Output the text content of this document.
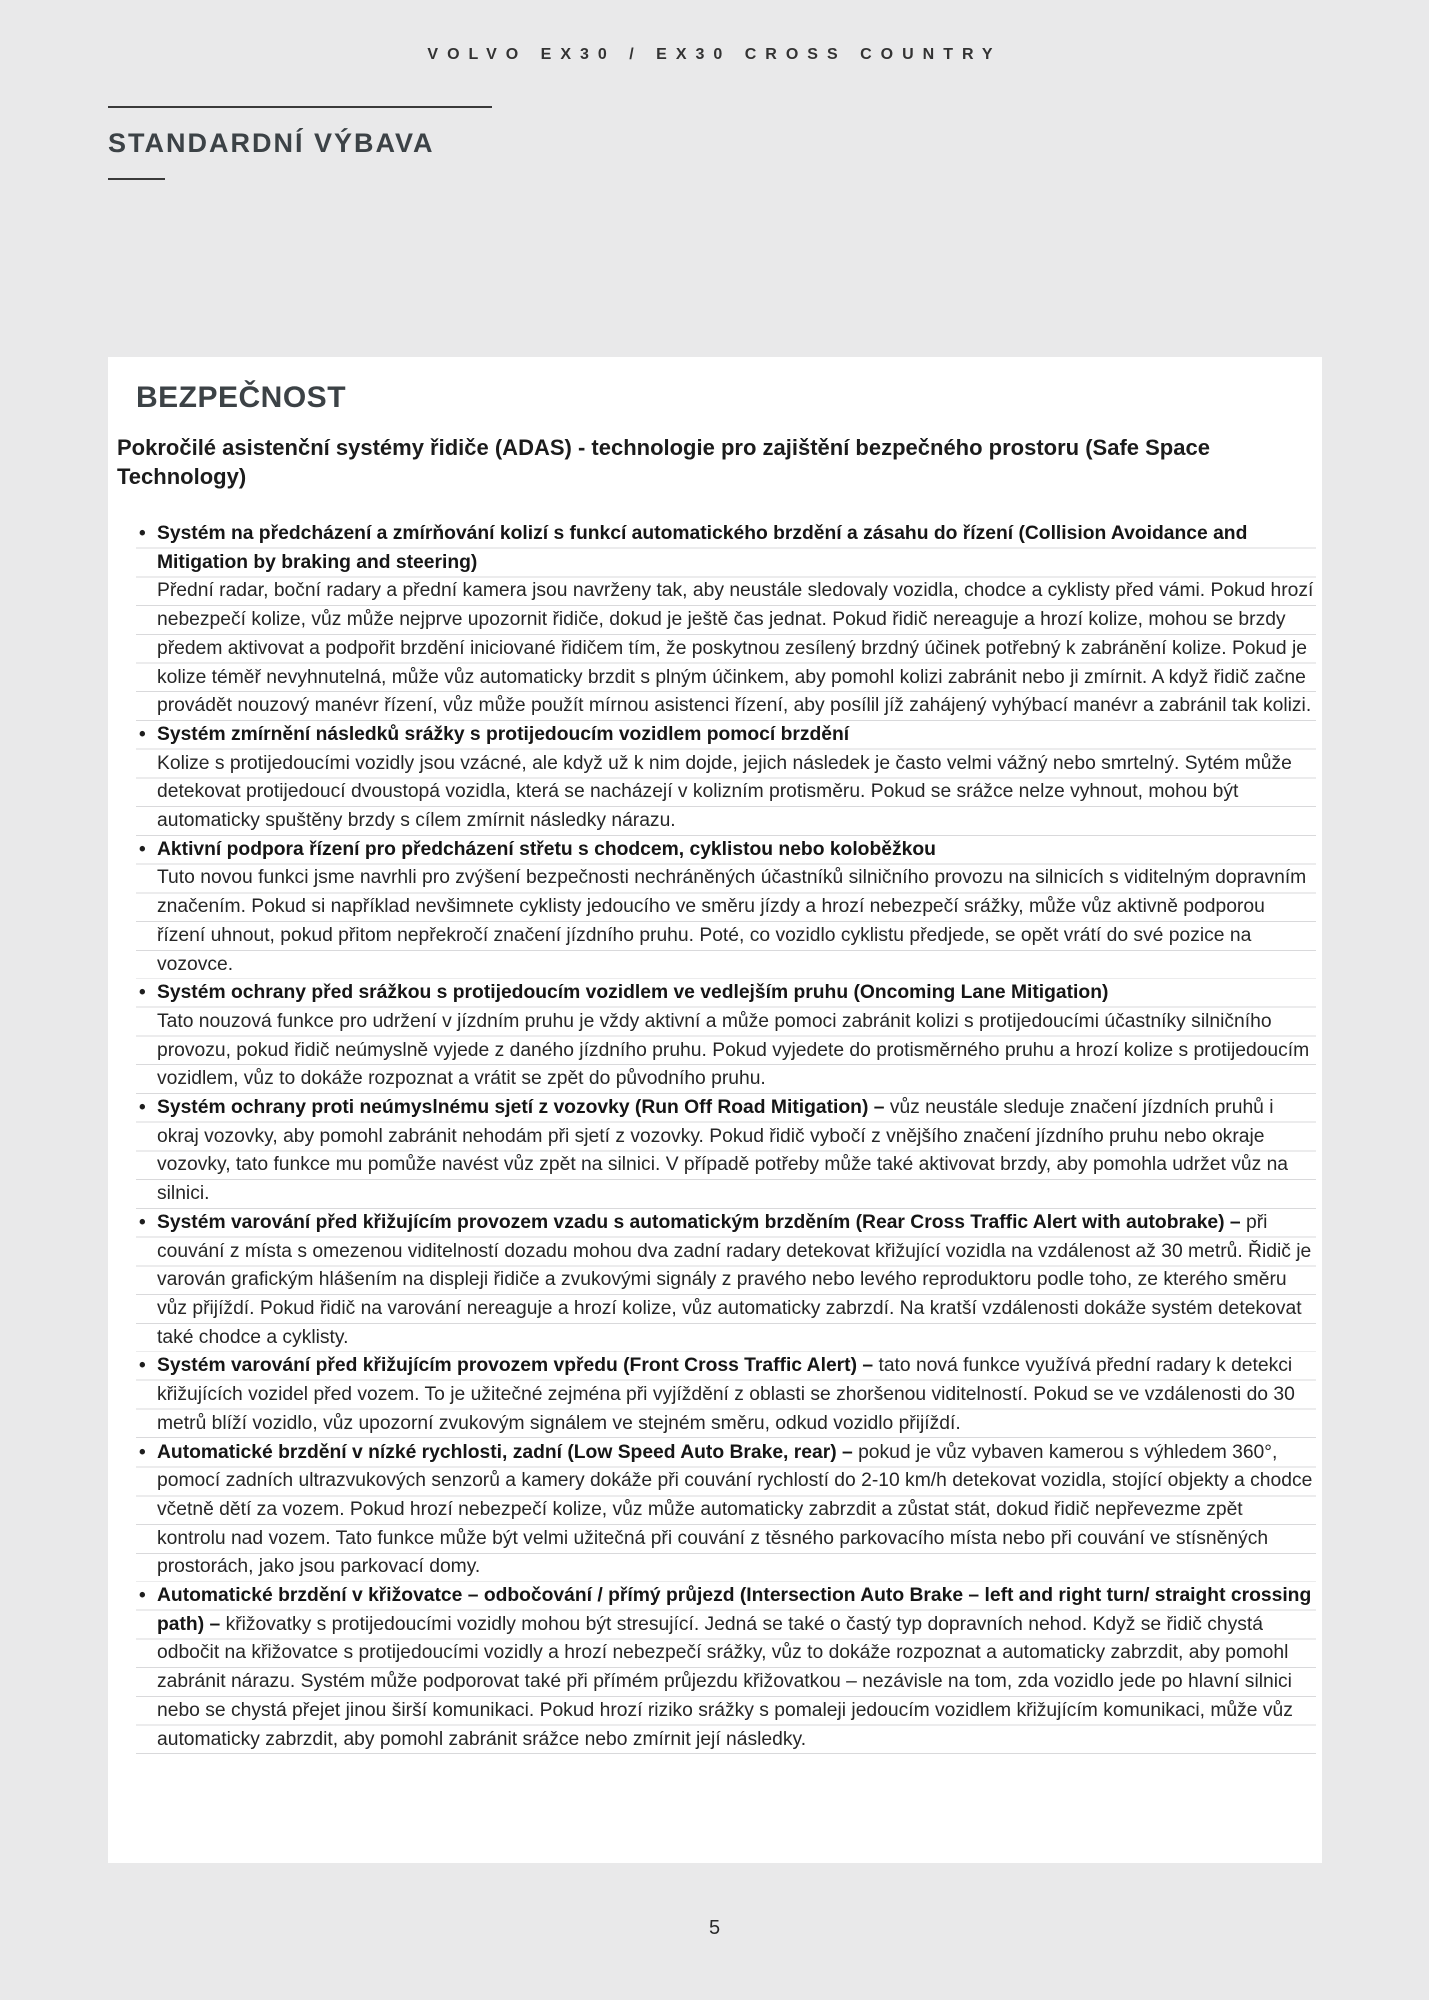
VOLVO EX30 / EX30 CROSS COUNTRY
STANDARDNÍ VÝBAVA
BEZPEČNOST
Pokročilé asistenční systémy řidiče (ADAS) - technologie pro zajištění bezpečného prostoru (Safe Space Technology)
• Systém na předcházení a zmírňování kolizí s funkcí automatického brzdění a zásahu do řízení (Collision Avoidance and Mitigation by braking and steering)
Přední radar, boční radary a přední kamera jsou navrženy tak, aby neustále sledovaly vozidla, chodce a cyklisty před vámi. Pokud hrozí nebezpečí kolize, vůz může nejprve upozornit řidiče, dokud je ještě čas jednat. Pokud řidič nereaguje a hrozí kolize, mohou se brzdy předem aktivovat a podpořit brzdění iniciované řidičem tím, že poskytnou zesílený brzdný účinek potřebný k zabránění kolize. Pokud je kolize téměř nevyhnutelná, může vůz automaticky brzdit s plným účinkem, aby pomohl kolizi zabránit nebo ji zmírnit. A když řidič začne provádět nouzový manévr řízení, vůz může použít mírnou asistenci řízení, aby posílil jíž zahájený vyhýbací manévr a zabránil tak kolizi.
• Systém zmírnění následků srážky s protijedoucím vozidlem pomocí brzdění
Kolize s protijedoucími vozidly jsou vzácné, ale když už k nim dojde, jejich následek je často velmi vážný nebo smrtelný. Sytém může detekovat protijedoucí dvoustopá vozidla, která se nacházejí v kolizním protisměru. Pokud se srážce nelze vyhnout, mohou být automaticky spuštěny brzdy s cílem zmírnit následky nárazu.
• Aktivní podpora řízení pro předcházení střetu s chodcem, cyklistou nebo koloběžkou
Tuto novou funkci jsme navrhli pro zvýšení bezpečnosti nechráněných účastníků silničního provozu na silnicích s viditelným dopravním značením. Pokud si například nevšimnete cyklisty jedoucího ve směru jízdy a hrozí nebezpečí srážky, může vůz aktivně podporou řízení uhnout, pokud přitom nepřekročí značení jízdního pruhu. Poté, co vozidlo cyklistu předjede, se opět vrátí do své pozice na vozovce.
• Systém ochrany před srážkou s protijedoucím vozidlem ve vedlejším pruhu (Oncoming Lane Mitigation)
Tato nouzová funkce pro udržení v jízdním pruhu je vždy aktivní a může pomoci zabránit kolizi s protijedoucími účastníky silničního provozu, pokud řidič neúmyslně vyjede z daného jízdního pruhu. Pokud vyjedete do protisměrného pruhu a hrozí kolize s protijedoucím vozidlem, vůz to dokáže rozpoznat a vrátit se zpět do původního pruhu.
• Systém ochrany proti neúmyslnému sjetí z vozovky (Run Off Road Mitigation) – vůz neustále sleduje značení jízdních pruhů i okraj vozovky, aby pomohl zabránit nehodám při sjetí z vozovky. Pokud řidič vybočí z vnějšího značení jízdního pruhu nebo okraje vozovky, tato funkce mu pomůže navést vůz zpět na silnici. V případě potřeby může také aktivovat brzdy, aby pomohla udržet vůz na silnici.
• Systém varování před křižujícím provozem vzadu s automatickým brzděním (Rear Cross Traffic Alert with autobrake) – při couvání z místa s omezenou viditelností dozadu mohou dva zadní radary detekovat křižující vozidla na vzdálenost až 30 metrů. Řidič je varován grafickým hlášením na displeji řidiče a zvukovými signály z pravého nebo levého reproduktoru podle toho, ze kterého směru vůz přijíždí. Pokud řidič na varování nereaguje a hrozí kolize, vůz automaticky zabrzdí. Na kratší vzdálenosti dokáže systém detekovat také chodce a cyklisty.
• Systém varování před křižujícím provozem vpředu (Front Cross Traffic Alert) – tato nová funkce využívá přední radary k detekci křižujících vozidel před vozem. To je užitečné zejména při vyjíždění z oblasti se zhoršenou viditelností. Pokud se ve vzdálenosti do 30 metrů blíží vozidlo, vůz upozorní zvukovým signálem ve stejném směru, odkud vozidlo přijíždí.
• Automatické brzdění v nízké rychlosti, zadní (Low Speed Auto Brake, rear) – pokud je vůz vybaven kamerou s výhledem 360°, pomocí zadních ultrazvukových senzorů a kamery dokáže při couvání rychlostí do 2-10 km/h detekovat vozidla, stojící objekty a chodce včetně dětí za vozem. Pokud hrozí nebezpečí kolize, vůz může automaticky zabrzdit a zůstat stát, dokud řidič nepřevezme zpět kontrolu nad vozem. Tato funkce může být velmi užitečná při couvání z těsného parkovacího místa nebo při couvání ve stísněných prostorách, jako jsou parkovací domy.
• Automatické brzdění v křižovatce – odbočování / přímý průjezd (Intersection Auto Brake – left and right turn/ straight crossing path) – křižovatky s protijedoucími vozidly mohou být stresující. Jedná se také o častý typ dopravních nehod. Když se řidič chystá odbočit na křižovatce s protijedoucími vozidly a hrozí nebezpečí srážky, vůz to dokáže rozpoznat a automaticky zabrzdit, aby pomohl zabránit nárazu. Systém může podporovat také při přímém průjezdu křižovatkou – nezávisle na tom, zda vozidlo jede po hlavní silnici nebo se chystá přejet jinou širší komunikaci. Pokud hrozí riziko srážky s pomaleji jedoucím vozidlem křižujícím komunikaci, může vůz automaticky zabrzdit, aby pomohl zabránit srážce nebo zmírnit její následky.
5
